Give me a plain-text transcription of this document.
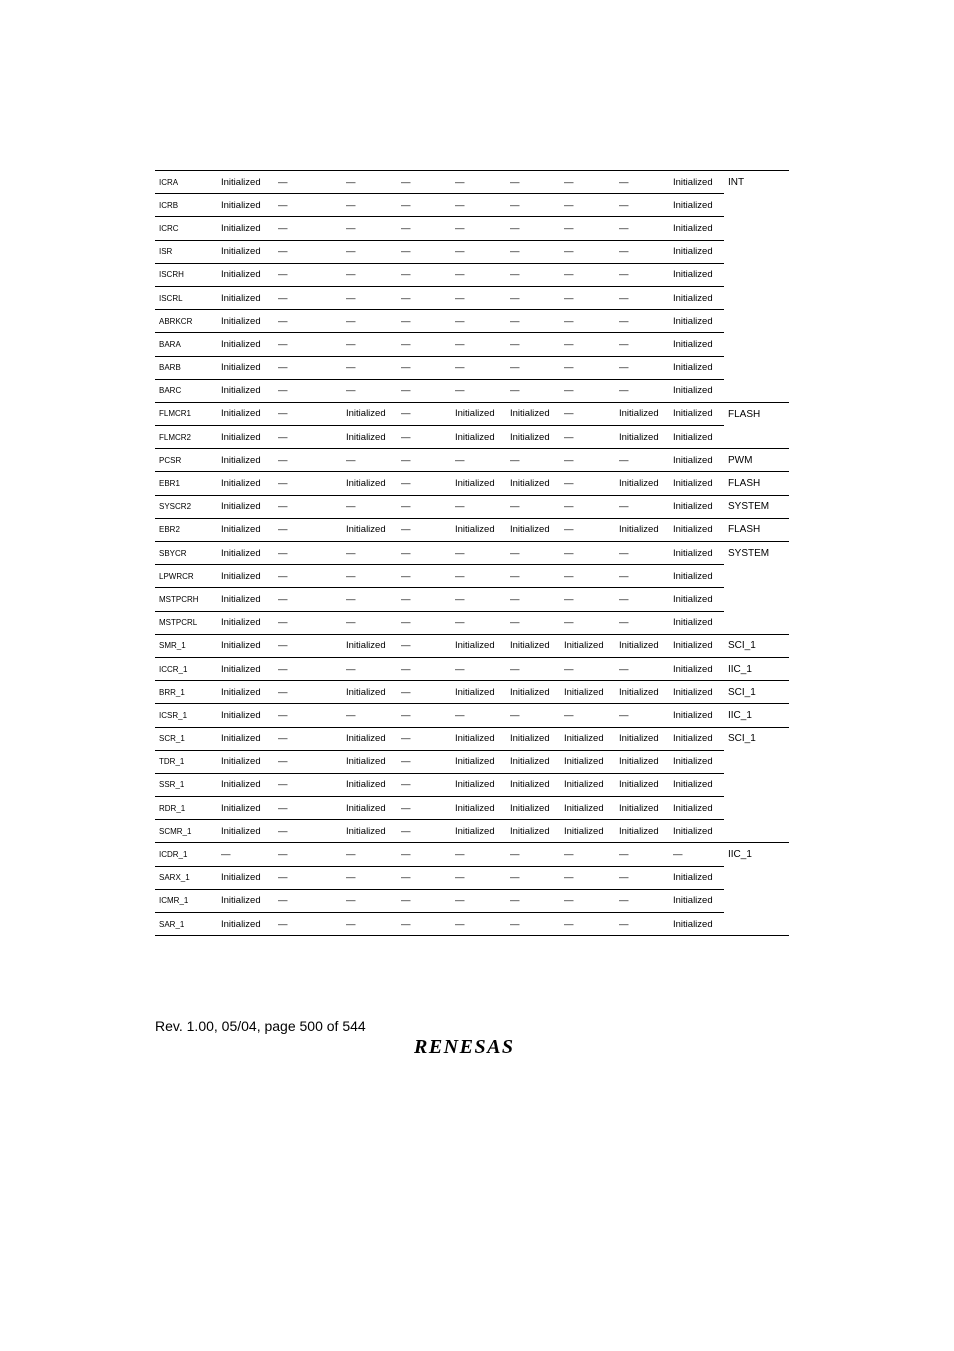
ICRA	Initialized	—	—	—	—	—	—	—	Initialized	INT
ICRB	Initialized	—	—	—	—	—	—	—	Initialized	
ICRC	Initialized	—	—	—	—	—	—	—	Initialized	
ISR	Initialized	—	—	—	—	—	—	—	Initialized	
ISCRH	Initialized	—	—	—	—	—	—	—	Initialized	
ISCRL	Initialized	—	—	—	—	—	—	—	Initialized	
ABRKCR	Initialized	—	—	—	—	—	—	—	Initialized	
BARA	Initialized	—	—	—	—	—	—	—	Initialized	
BARB	Initialized	—	—	—	—	—	—	—	Initialized	
BARC	Initialized	—	—	—	—	—	—	—	Initialized	
FLMCR1	Initialized	—	Initialized	—	Initialized	Initialized	—	Initialized	Initialized	FLASH
FLMCR2	Initialized	—	Initialized	—	Initialized	Initialized	—	Initialized	Initialized	
PCSR	Initialized	—	—	—	—	—	—	—	Initialized	PWM
EBR1	Initialized	—	Initialized	—	Initialized	Initialized	—	Initialized	Initialized	FLASH
SYSCR2	Initialized	—	—	—	—	—	—	—	Initialized	SYSTEM
EBR2	Initialized	—	Initialized	—	Initialized	Initialized	—	Initialized	Initialized	FLASH
SBYCR	Initialized	—	—	—	—	—	—	—	Initialized	SYSTEM
LPWRCR	Initialized	—	—	—	—	—	—	—	Initialized	
MSTPCRH	Initialized	—	—	—	—	—	—	—	Initialized	
MSTPCRL	Initialized	—	—	—	—	—	—	—	Initialized	
SMR_1	Initialized	—	Initialized	—	Initialized	Initialized	Initialized	Initialized	Initialized	SCI_1
ICCR_1	Initialized	—	—	—	—	—	—	—	Initialized	IIC_1
BRR_1	Initialized	—	Initialized	—	Initialized	Initialized	Initialized	Initialized	Initialized	SCI_1
ICSR_1	Initialized	—	—	—	—	—	—	—	Initialized	IIC_1
SCR_1	Initialized	—	Initialized	—	Initialized	Initialized	Initialized	Initialized	Initialized	SCI_1
TDR_1	Initialized	—	Initialized	—	Initialized	Initialized	Initialized	Initialized	Initialized	
SSR_1	Initialized	—	Initialized	—	Initialized	Initialized	Initialized	Initialized	Initialized	
RDR_1	Initialized	—	Initialized	—	Initialized	Initialized	Initialized	Initialized	Initialized	
SCMR_1	Initialized	—	Initialized	—	Initialized	Initialized	Initialized	Initialized	Initialized	
ICDR_1	—	—	—	—	—	—	—	—	—	IIC_1
SARX_1	Initialized	—	—	—	—	—	—	—	Initialized	
ICMR_1	Initialized	—	—	—	—	—	—	—	Initialized	
SAR_1	Initialized	—	—	—	—	—	—	—	Initialized	
Rev. 1.00, 05/04, page 500 of 544
RENESAS
